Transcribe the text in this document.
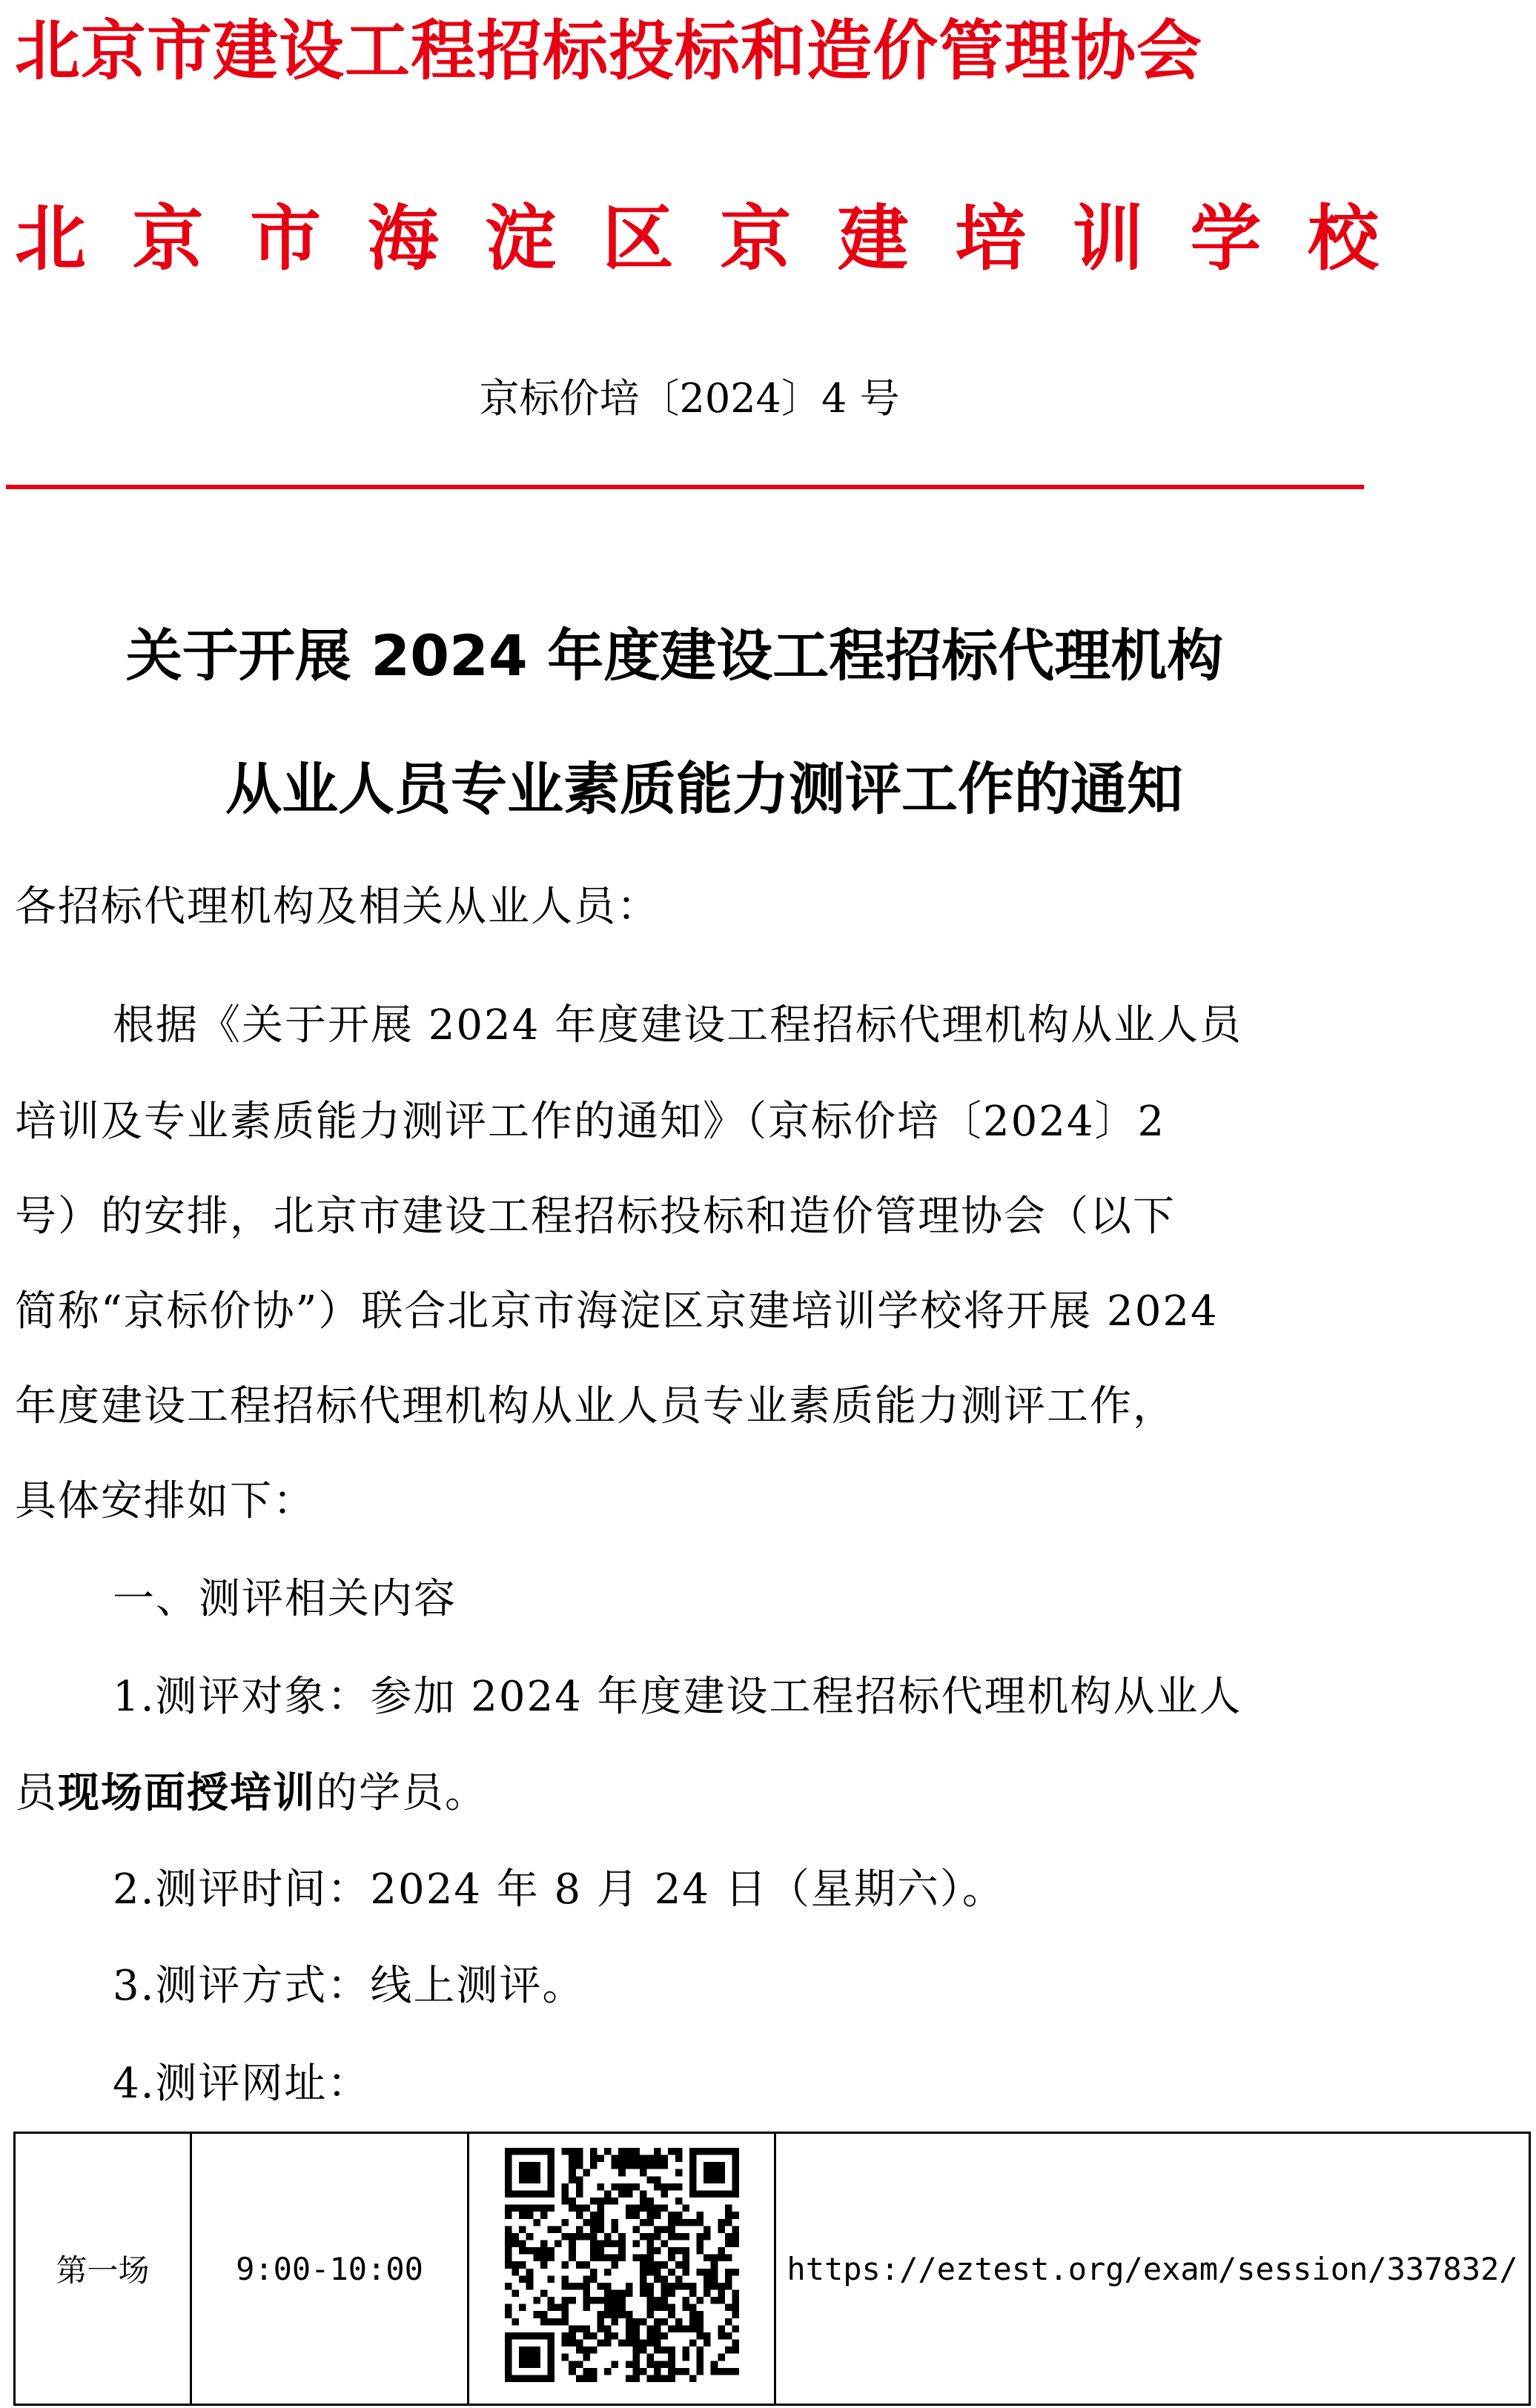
北京市建设工程招标投标和造价管理协会
北 京 市 海 淀 区 京 建 培 训 学 校
京标价培〔2024〕4 号
关于开展 2024 年度建设工程招标代理机构
从业人员专业素质能力测评工作的通知
各招标代理机构及相关从业人员：
根据《关于开展 2024 年度建设工程招标代理机构从业人员
培训及专业素质能力测评工作的通知》（京标价培〔2024〕2
号）的安排，北京市建设工程招标投标和造价管理协会（以下
简称“京标价协”）联合北京市海淀区京建培训学校将开展 2024
年度建设工程招标代理机构从业人员专业素质能力测评工作，
具体安排如下：
一、测评相关内容
1.测评对象：参加 2024 年度建设工程招标代理机构从业人
员现场面授培训的学员。
2.测评时间：2024 年 8 月 24 日（星期六）。
3.测评方式：线上测评。
4.测评网址：
第一场	9:00-10:00		https://eztest.org/exam/session/337832/
